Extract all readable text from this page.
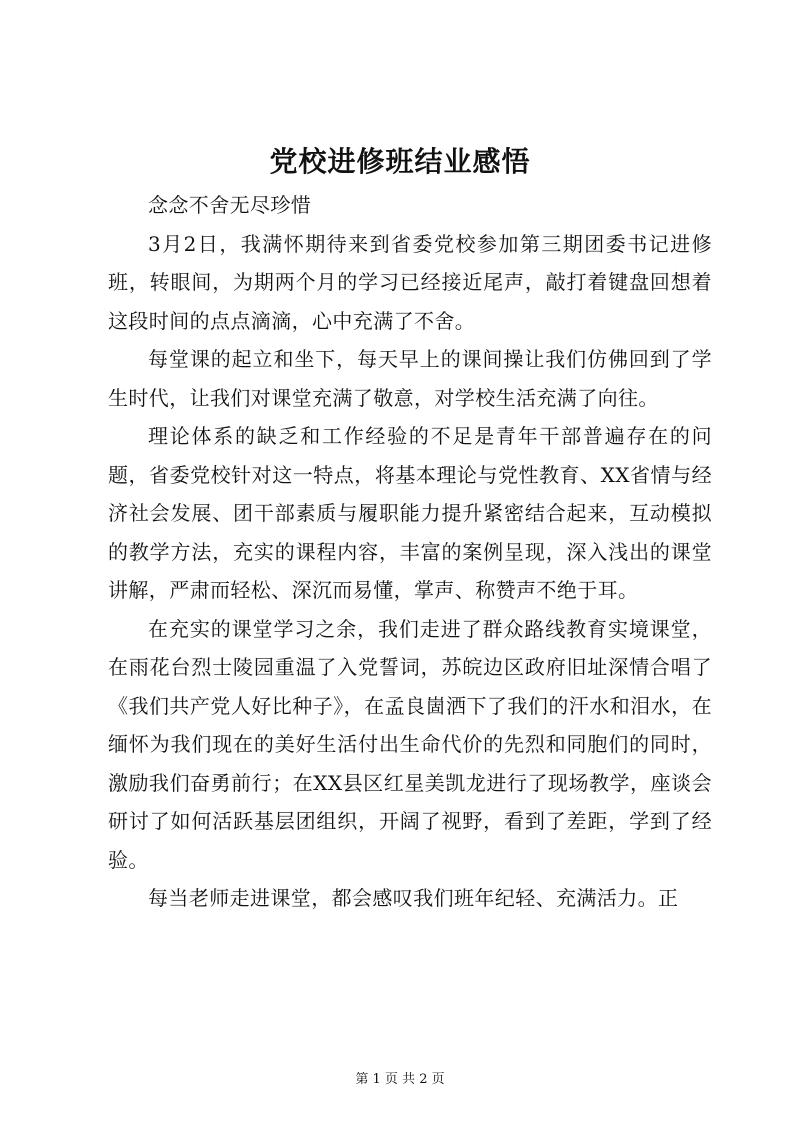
党校进修班结业感悟

念念不舍无尽珍惜

3月2日，我满怀期待来到省委党校参加第三期团委书记进修班，转眼间，为期两个月的学习已经接近尾声，敲打着键盘回想着这段时间的点点滴滴，心中充满了不舍。

每堂课的起立和坐下，每天早上的课间操让我们仿佛回到了学生时代，让我们对课堂充满了敬意，对学校生活充满了向往。

理论体系的缺乏和工作经验的不足是青年干部普遍存在的问题，省委党校针对这一特点，将基本理论与党性教育、XX省情与经济社会发展、团干部素质与履职能力提升紧密结合起来，互动模拟的教学方法，充实的课程内容，丰富的案例呈现，深入浅出的课堂讲解，严肃而轻松、深沉而易懂，掌声、称赞声不绝于耳。

在充实的课堂学习之余，我们走进了群众路线教育实境课堂，在雨花台烈士陵园重温了入党誓词，苏皖边区政府旧址深情合唱了《我们共产党人好比种子》，在孟良崮洒下了我们的汗水和泪水，在缅怀为我们现在的美好生活付出生命代价的先烈和同胞们的同时，激励我们奋勇前行；在XX县区红星美凯龙进行了现场教学，座谈会研讨了如何活跃基层团组织，开阔了视野，看到了差距，学到了经验。

每当老师走进课堂，都会感叹我们班年纪轻、充满活力。正

第 1 页 共 2 页
